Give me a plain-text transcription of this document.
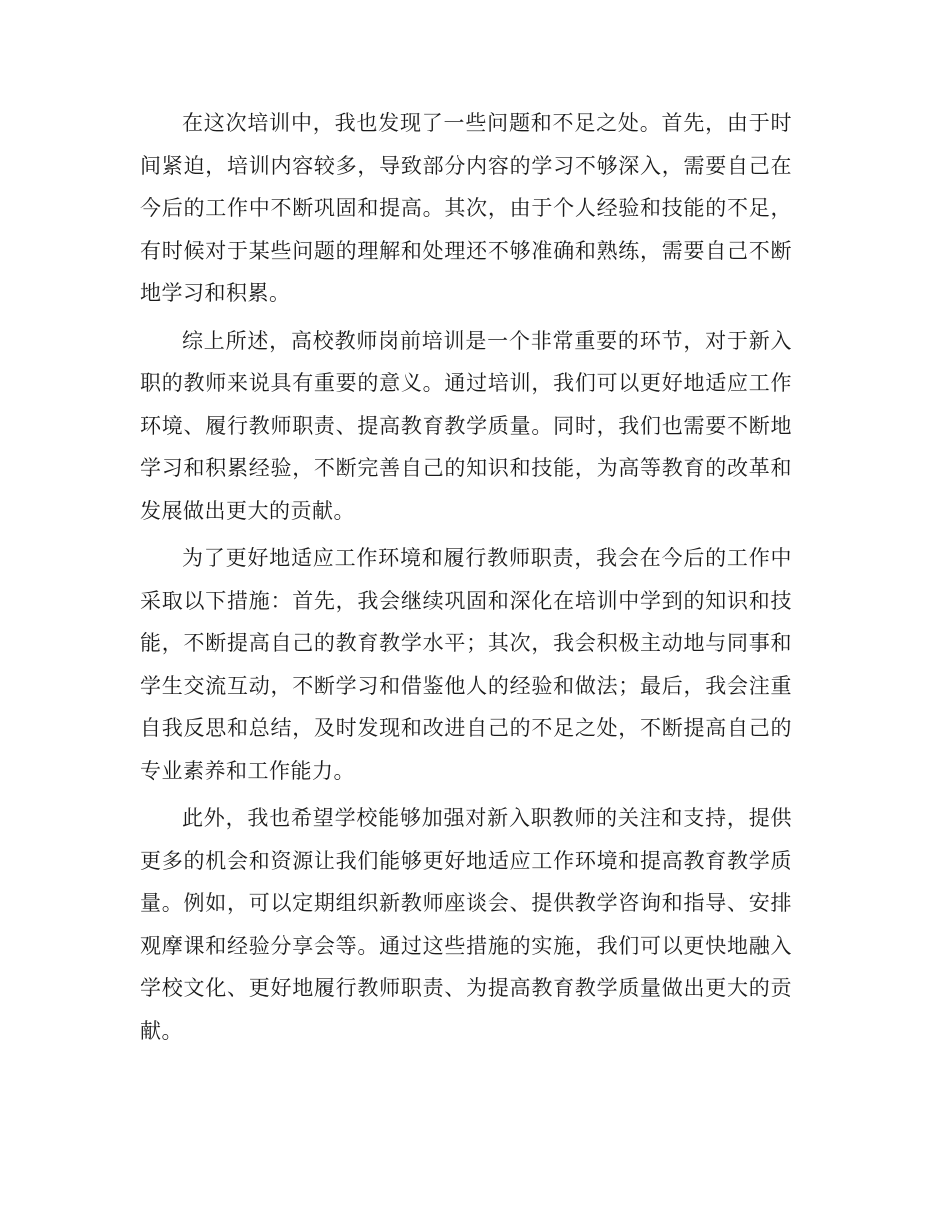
在这次培训中，我也发现了一些问题和不足之处。首先，由于时间紧迫，培训内容较多，导致部分内容的学习不够深入，需要自己在今后的工作中不断巩固和提高。其次，由于个人经验和技能的不足，有时候对于某些问题的理解和处理还不够准确和熟练，需要自己不断地学习和积累。

综上所述，高校教师岗前培训是一个非常重要的环节，对于新入职的教师来说具有重要的意义。通过培训，我们可以更好地适应工作环境、履行教师职责、提高教育教学质量。同时，我们也需要不断地学习和积累经验，不断完善自己的知识和技能，为高等教育的改革和发展做出更大的贡献。

为了更好地适应工作环境和履行教师职责，我会在今后的工作中采取以下措施：首先，我会继续巩固和深化在培训中学到的知识和技能，不断提高自己的教育教学水平；其次，我会积极主动地与同事和学生交流互动，不断学习和借鉴他人的经验和做法；最后，我会注重自我反思和总结，及时发现和改进自己的不足之处，不断提高自己的专业素养和工作能力。

此外，我也希望学校能够加强对新入职教师的关注和支持，提供更多的机会和资源让我们能够更好地适应工作环境和提高教育教学质量。例如，可以定期组织新教师座谈会、提供教学咨询和指导、安排观摩课和经验分享会等。通过这些措施的实施，我们可以更快地融入学校文化、更好地履行教师职责、为提高教育教学质量做出更大的贡献。
